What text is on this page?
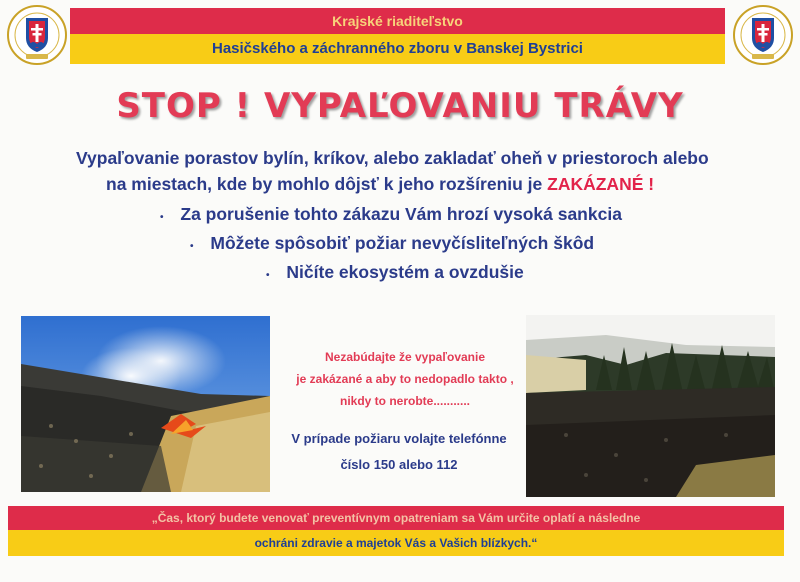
Krajské riaditeľstvo
Hasičského a záchranného zboru v Banskej Bystrici
STOP ! VYPAĽOVANIU TRÁVY
Vypaľovanie porastov bylín, kríkov, alebo zakladať oheň v priestoroch alebo
na miestach, kde by mohlo dôjsť k jeho rozšíreniu je ZAKÁZANÉ !
• Za porušenie tohto zákazu Vám hrozí vysoká sankcia
• Môžete spôsobiť požiar nevyčísliteľných škôd
• Ničíte ekosystém a ovzdušie
Nezabúdajte že vypaľovanie
je zakázané a aby to nedopadlo takto ,
nikdy to nerobte...........
V prípade požiaru volajte telefónne
číslo 150 alebo 112
„Čas, ktorý budete venovať preventívnym opatreniam sa Vám určite oplatí a následne
ochráni zdravie a majetok Vás a Vašich blízkych.“
